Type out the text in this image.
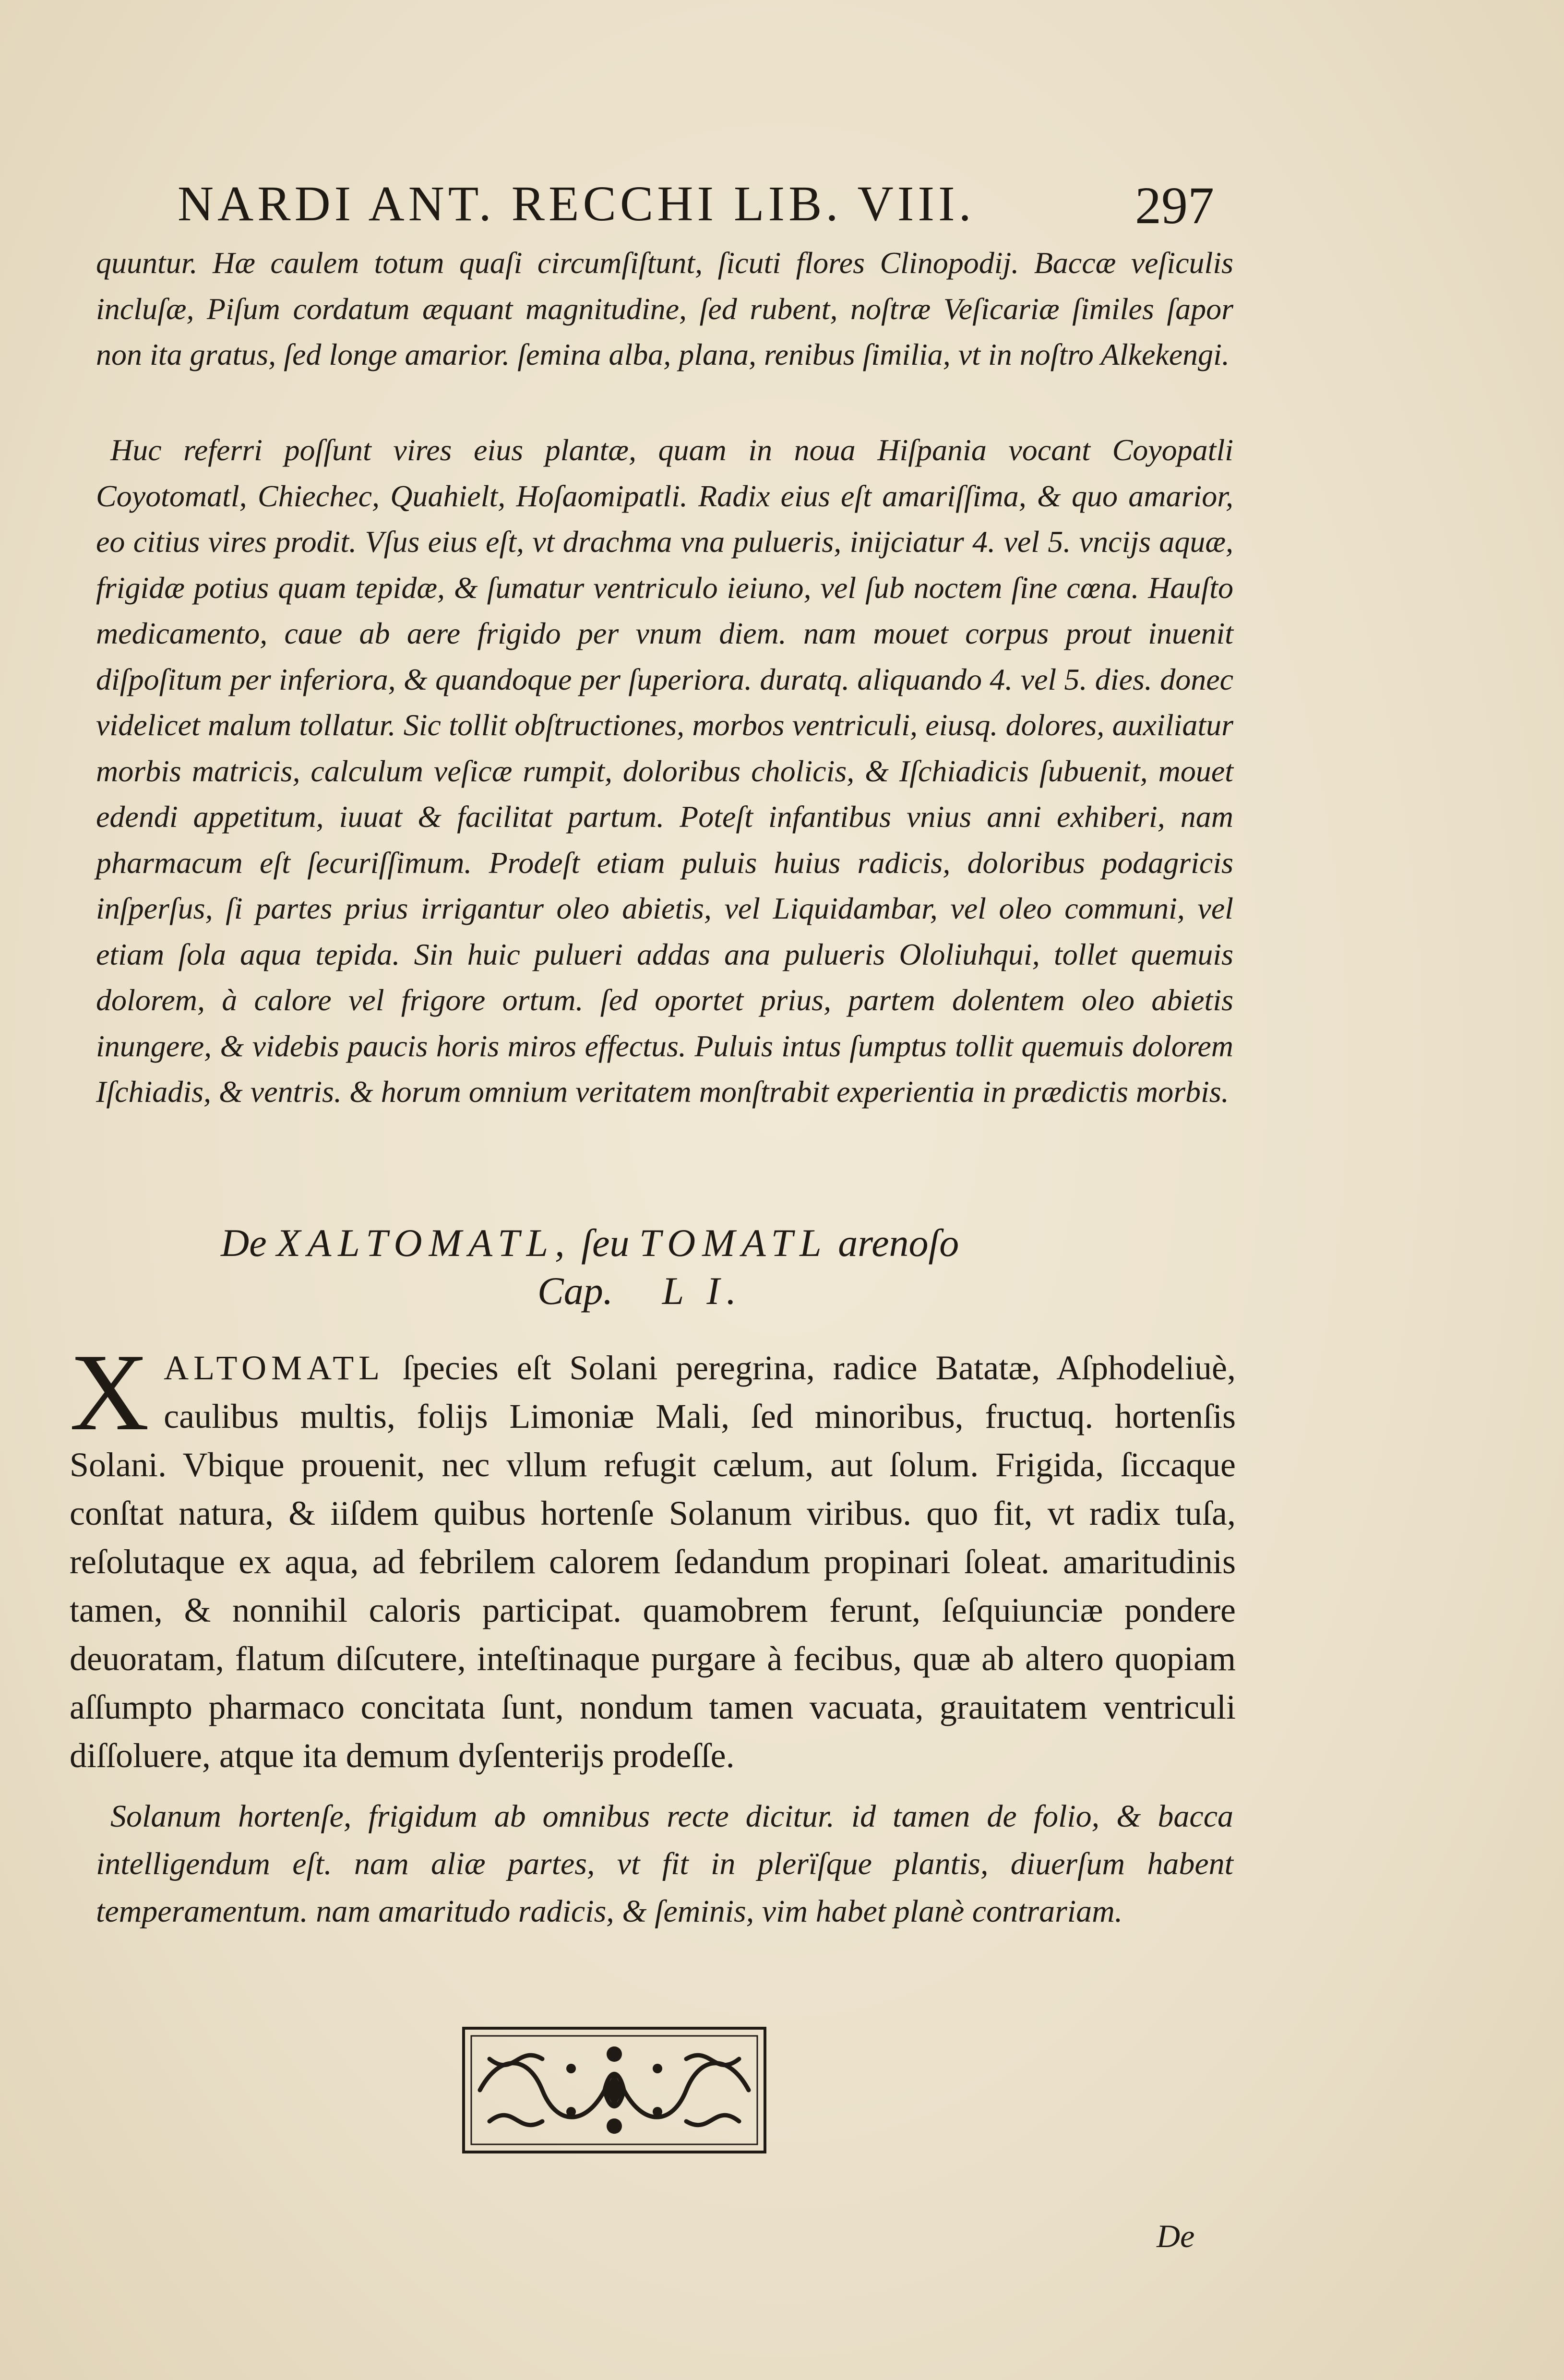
NARDI ANT. RECCHI LIB. VIII.	297

quuntur. Hæ caulem totum quaſi circumſiſtunt, ſicuti flores Clinopodij. Baccæ veſiculis incluſæ, Piſum cordatum æquant magnitudine, ſed rubent, noſtræ Veſicariæ ſimiles ſapor non ita gratus, ſed longe amarior. ſemina alba, plana, renibus ſimilia, vt in noſtro Alkekengi.

Huc referri poſſunt vires eius plantæ, quam in noua Hiſpania vocant Coyopatli Coyotomatl, Chiechec, Quahielt, Hoſaomipatli. Radix eius eſt amariſſima, & quo amarior, eo citius vires prodit. Vſus eius eſt, vt drachma vna pulueris, inijciatur 4. vel 5. vncijs aquæ, frigidæ potius quam tepidæ, & ſumatur ventriculo ieiuno, vel ſub noctem ſine cœna. Hauſto medicamento, caue ab aere frigido per vnum diem. nam mouet corpus prout inuenit diſpoſitum per inferiora, & quandoque per ſuperiora. duratq. aliquando 4. vel 5. dies. donec videlicet malum tollatur. Sic tollit obſtructiones, morbos ventriculi, eiusq. dolores, auxiliatur morbis matricis, calculum veſicæ rumpit, doloribus cholicis, & Iſchiadicis ſubuenit, mouet edendi appetitum, iuuat & facilitat partum. Poteſt infantibus vnius anni exhiberi, nam pharmacum eſt ſecuriſſimum. Prodeſt etiam puluis huius radicis, doloribus podagricis inſperſus, ſi partes prius irrigantur oleo abietis, vel Liquidambar, vel oleo communi, vel etiam ſola aqua tepida. Sin huic pulueri addas ana pulueris Ololiuhqui, tollet quemuis dolorem, à calore vel frigore ortum. ſed oportet prius, partem dolentem oleo abietis inungere, & videbis paucis horis miros effectus. Puluis intus ſumptus tollit quemuis dolorem Iſchiadis, & ventris. & horum omnium veritatem monſtrabit experientia in prædictis morbis.

De XALTOMATL, ſeu TOMATL arenoſo
Cap. L I.

XALTOMATL ſpecies eſt Solani peregrina, radice Batatæ, Aſphodeliuè, caulibus multis, folijs Limoniæ Mali, ſed minoribus, fructuq. hortenſis Solani. Vbique prouenit, nec vllum refugit cælum, aut ſolum. Frigida, ſiccaque conſtat natura, & iiſdem quibus hortenſe Solanum viribus. quo fit, vt radix tuſa, reſolutaque ex aqua, ad febrilem calorem ſedandum propinari ſoleat. amaritudinis tamen, & nonnihil caloris participat. quamobrem ferunt, ſeſquiunciæ pondere deuoratam, flatum diſcutere, inteſtinaque purgare à fecibus, quæ ab altero quopiam aſſumpto pharmaco concitata ſunt, nondum tamen vacuata, grauitatem ventriculi diſſoluere, atque ita demum dyſenterijs prodeſſe.

Solanum hortenſe, frigidum ab omnibus recte dicitur. id tamen de folio, & bacca intelligendum eſt. nam aliæ partes, vt fit in plerïſque plantis, diuerſum habent temperamentum. nam amaritudo radicis, & ſeminis, vim habet planè contrariam.

De
